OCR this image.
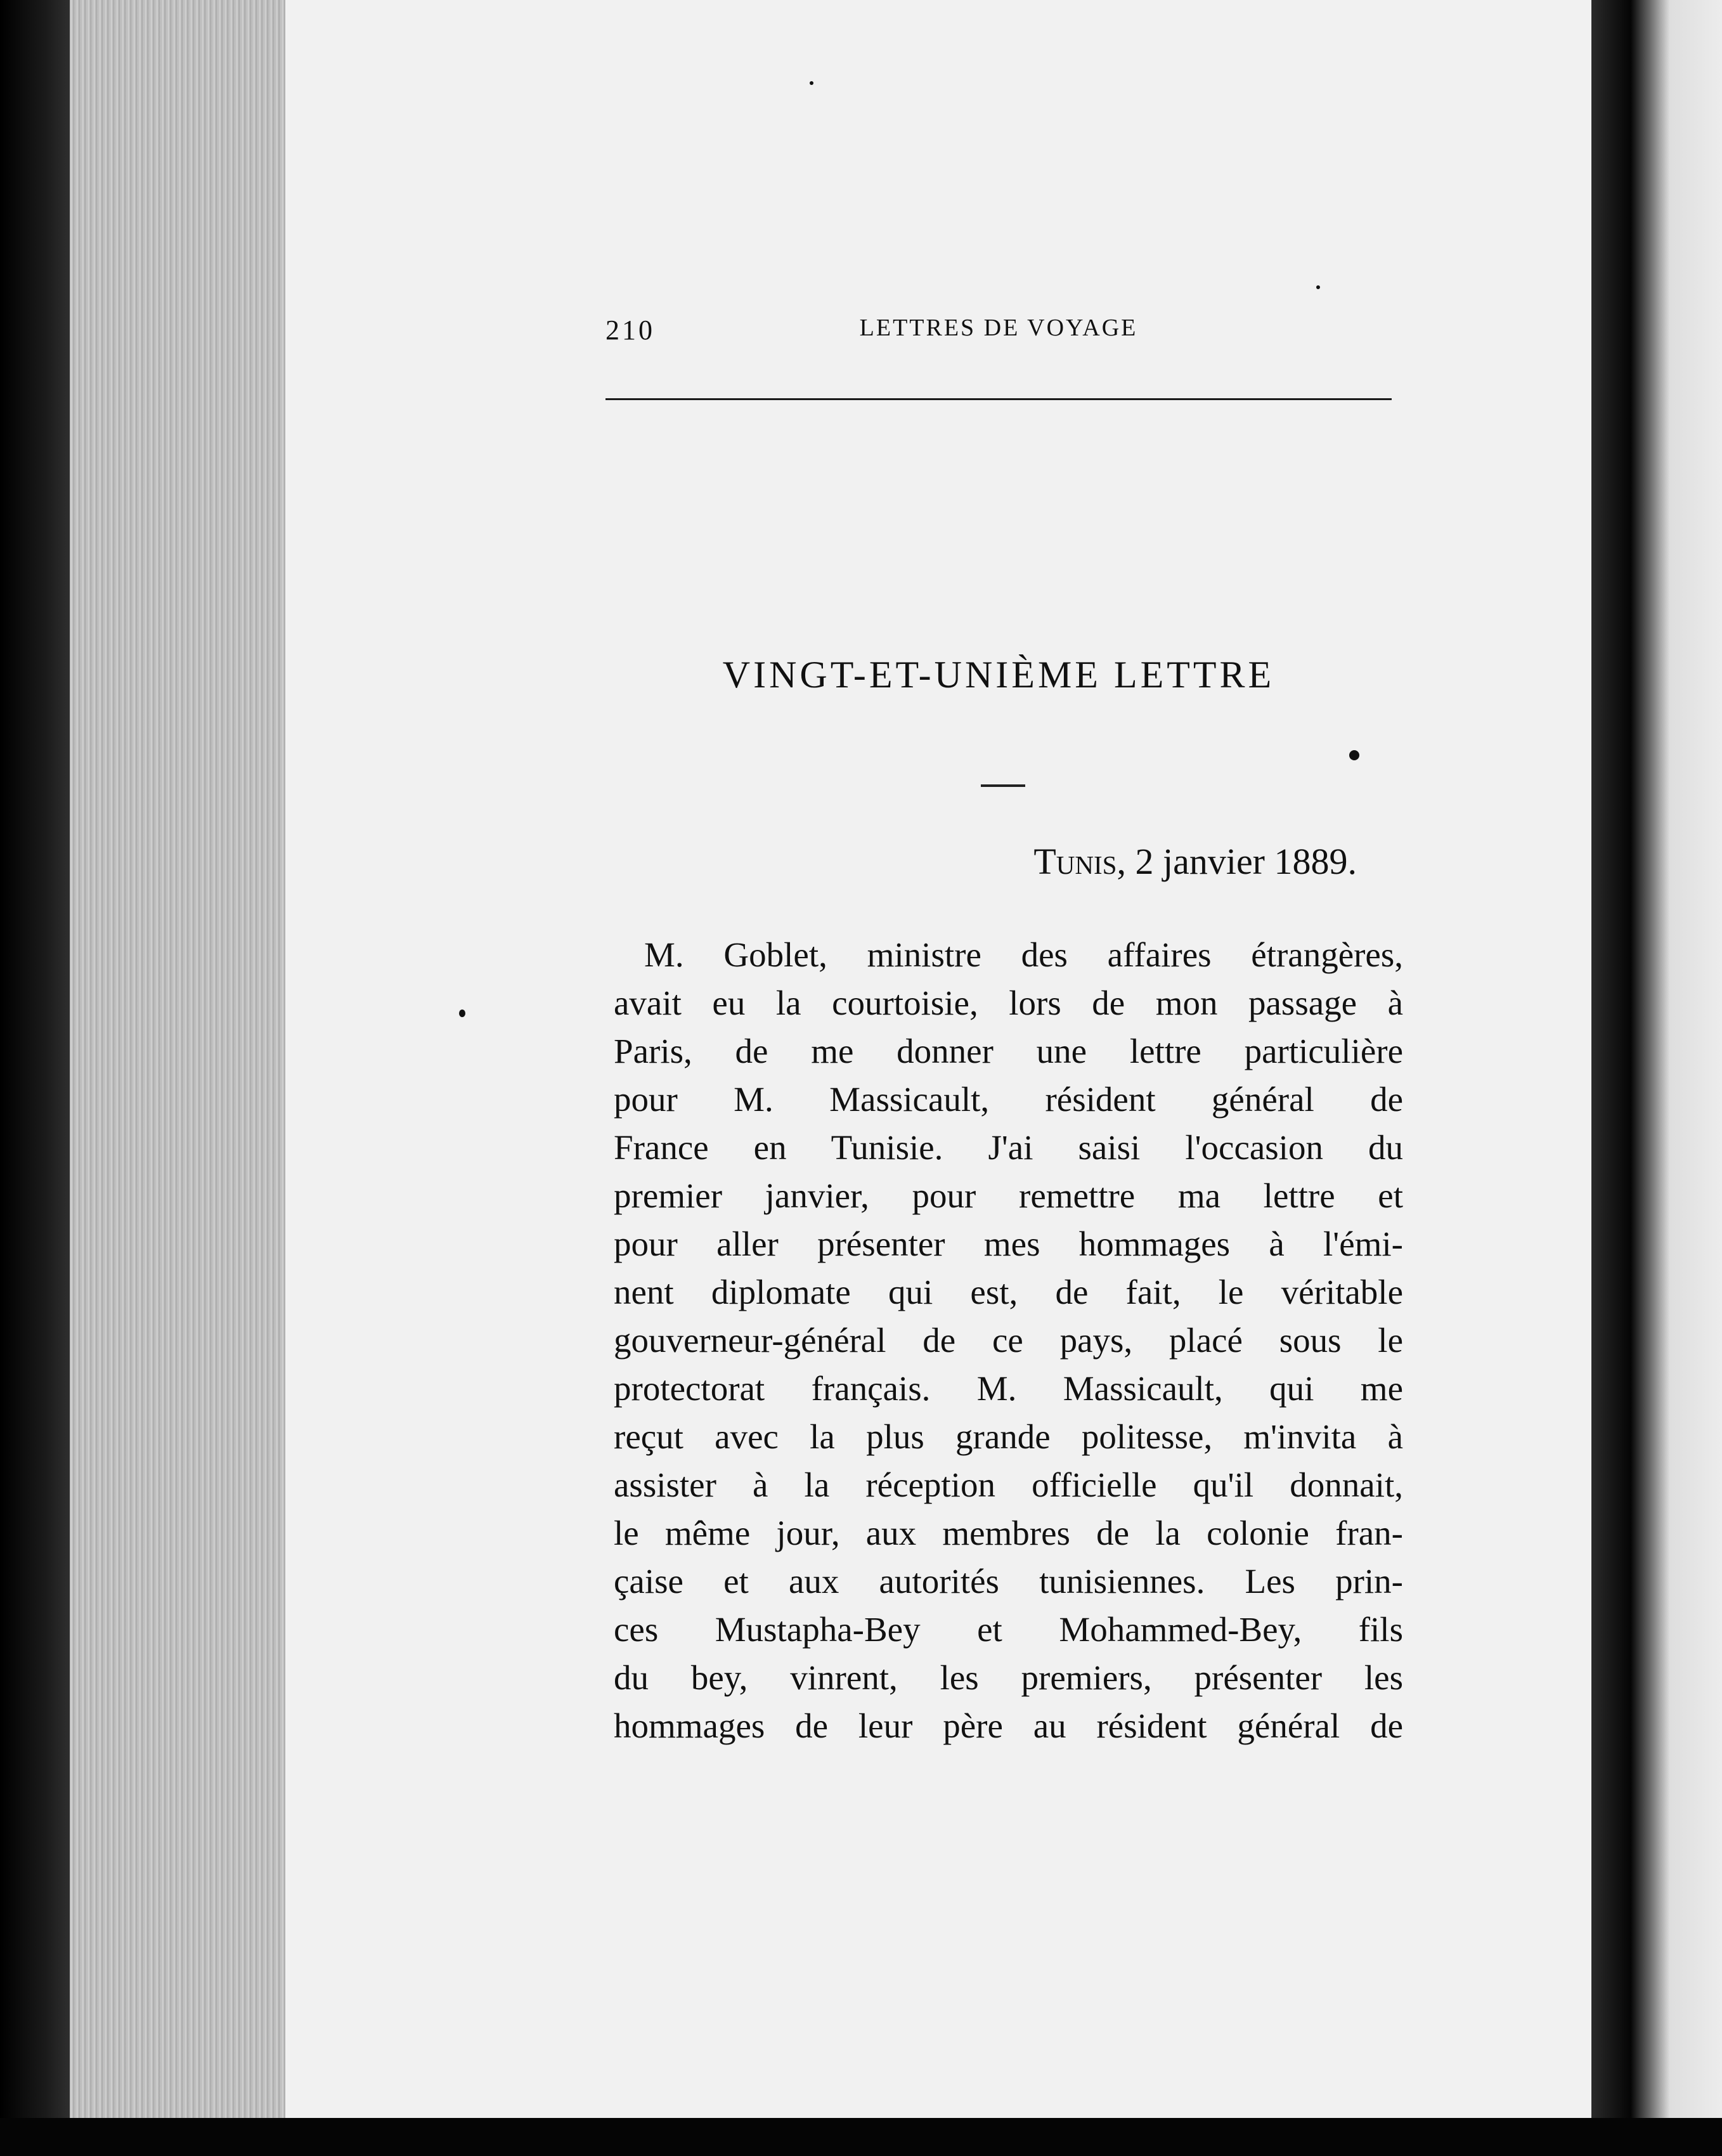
210	LETTRES DE VOYAGE
VINGT-ET-UNIÈME LETTRE
Tunis, 2 janvier 1889.
M. Goblet, ministre des affaires étrangères,
avait eu la courtoisie, lors de mon passage à
Paris, de me donner une lettre particulière
pour M. Massicault, résident général de
France en Tunisie. J'ai saisi l'occasion du
premier janvier, pour remettre ma lettre et
pour aller présenter mes hommages à l'émi-
nent diplomate qui est, de fait, le véritable
gouverneur-général de ce pays, placé sous le
protectorat français. M. Massicault, qui me
reçut avec la plus grande politesse, m'invita à
assister à la réception officielle qu'il donnait,
le même jour, aux membres de la colonie fran-
çaise et aux autorités tunisiennes. Les prin-
ces Mustapha-Bey et Mohammed-Bey, fils
du bey, vinrent, les premiers, présenter les
hommages de leur père au résident général de
